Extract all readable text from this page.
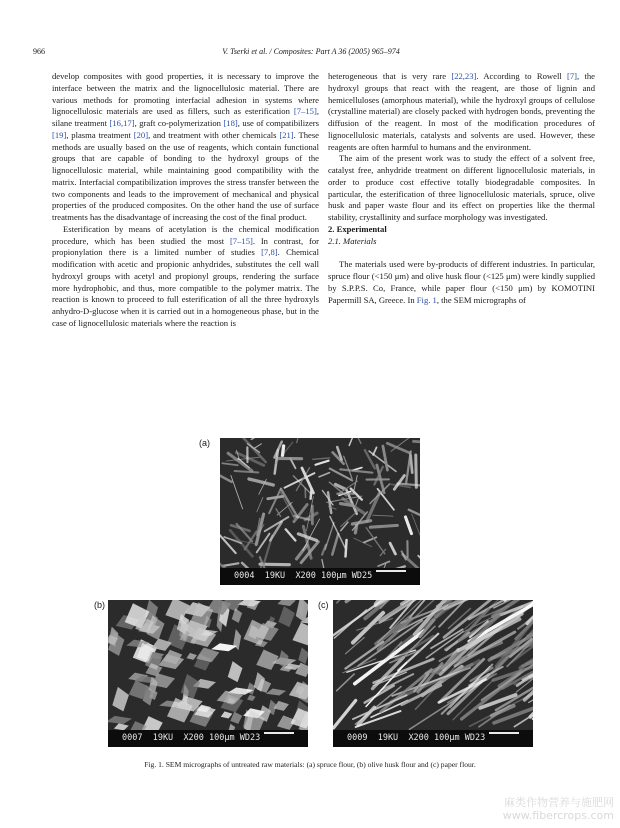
966	V. Tserki et al. / Composites: Part A 36 (2005) 965–974

develop composites with good properties, it is necessary to improve the interface between the matrix and the lignocellulosic material. There are various methods for promoting interfacial adhesion in systems where lignocellulosic materials are used as fillers, such as esterification [7–15], silane treatment [16,17], graft co-polymerization [18], use of compatibilizers [19], plasma treatment [20], and treatment with other chemicals [21]. These methods are usually based on the use of reagents, which contain functional groups that are capable of bonding to the hydroxyl groups of the lignocellulosic material, while maintaining good compatibility with the matrix. Interfacial compatibilization improves the stress transfer between the two components and leads to the improvement of mechanical and physical properties of the produced composites. On the other hand the use of surface treatments has the disadvantage of increasing the cost of the final product.

Esterification by means of acetylation is the chemical modification procedure, which has been studied the most [7–15]. In contrast, for propionylation there is a limited number of studies [7,8]. Chemical modification with acetic and propionic anhydrides, substitutes the cell wall hydroxyl groups with acetyl and propionyl groups, rendering the surface more hydrophobic, and thus, more compatible to the polymer matrix. The reaction is known to proceed to full esterification of all the three hydroxyls anhydro-D-glucose when it is carried out in a homogeneous phase, but in the case of lignocellulosic materials where the reaction is

heterogeneous that is very rare [22,23]. According to Rowell [7], the hydroxyl groups that react with the reagent, are those of lignin and hemicelluloses (amorphous material), while the hydroxyl groups of cellulose (crystalline material) are closely packed with hydrogen bonds, preventing the diffusion of the reagent. In most of the modification procedures of lignocellulosic materials, catalysts and solvents are used. However, these reagents are often harmful to humans and the environment.

The aim of the present work was to study the effect of a solvent free, catalyst free, anhydride treatment on different lignocellulosic materials, in order to produce cost effective totally biodegradable composites. In particular, the esterification of three lignocellulosic materials, spruce, olive husk and paper waste flour and its effect on properties like the thermal stability, crystallinity and surface morphology was investigated.

2. Experimental

2.1. Materials

The materials used were by-products of different industries. In particular, spruce flour (<150 μm) and olive husk flour (<125 μm) were kindly supplied by S.P.P.S. Co, France, while paper flour (<150 μm) by KOMOTINI Papermill SA, Greece. In Fig. 1, the SEM micrographs of

(a)
0004  19KU X200 100μm WD25
(b)
0007  19KU X200 100μm WD23
(c)
0009  19KU X200 100μm WD23
Fig. 1. SEM micrographs of untreated raw materials: (a) spruce flour, (b) olive husk flour and (c) paper flour.
麻类作物营养与施肥网
www.fibercrops.com
